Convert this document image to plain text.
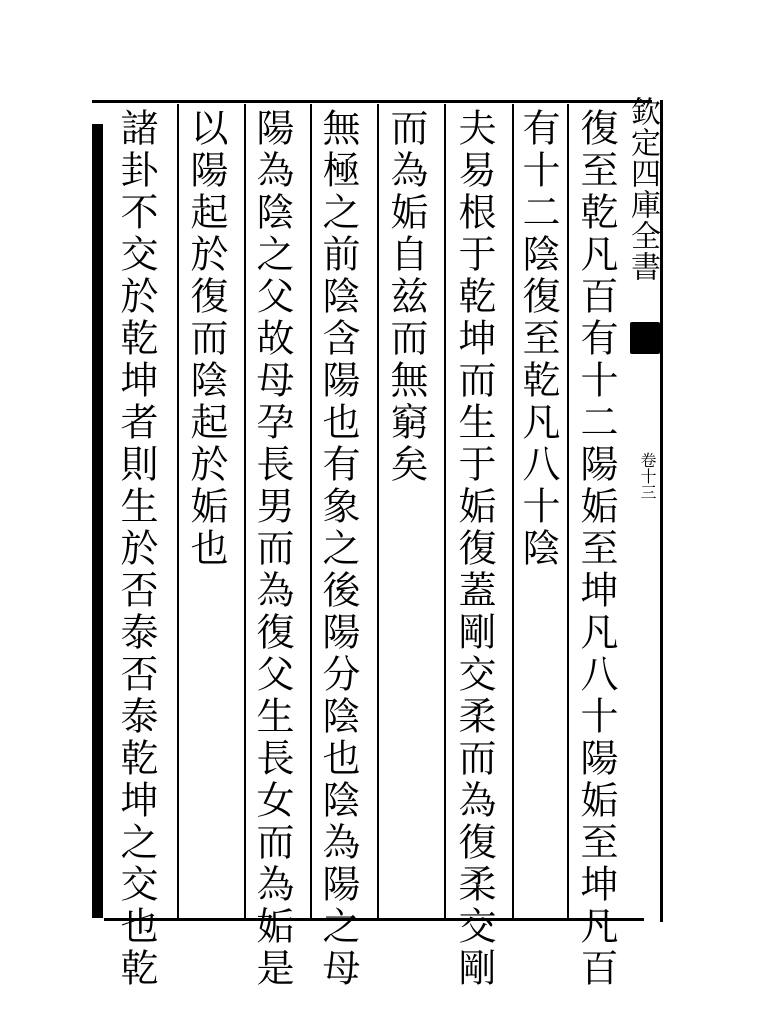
欽定四庫全書
卷十三
復至乾凡百有十二陽姤至坤凡八十陽姤至坤凡百
有十二陰復至乾凡八十陰
夫易根于乾坤而生于姤復蓋剛交柔而為復柔交剛
而為姤自兹而無窮矣
無極之前陰含陽也有象之後陽分陰也陰為陽之母
陽為陰之父故母孕長男而為復父生長女而為姤是
以陽起於復而陰起於姤也
諸卦不交於乾坤者則生於否泰否泰乾坤之交也乾
